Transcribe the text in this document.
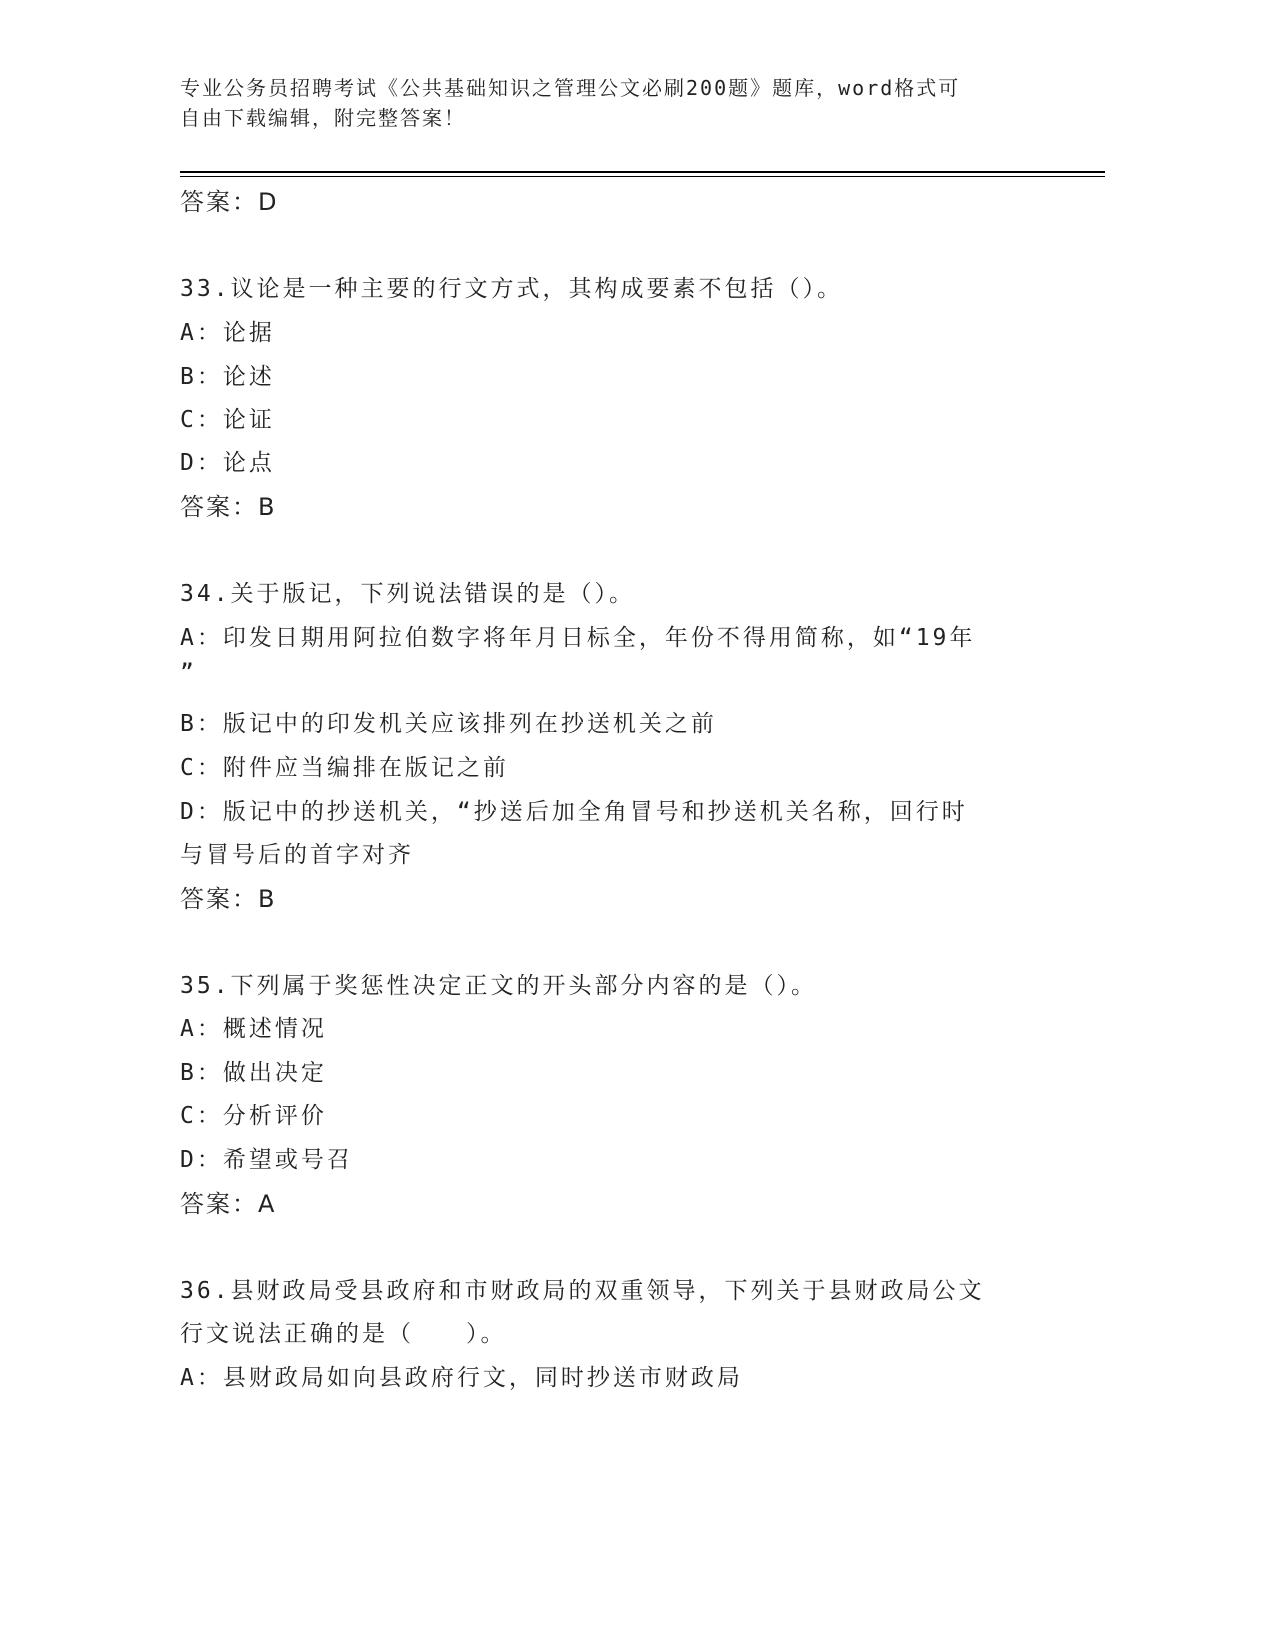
专业公务员招聘考试《公共基础知识之管理公文必刷200题》题库，word格式可
自由下载编辑，附完整答案！
答案：D
33.议论是一种主要的行文方式，其构成要素不包括（）。
A：论据
B：论述
C：论证
D：论点
答案：B
34.关于版记，下列说法错误的是（）。
A：印发日期用阿拉伯数字将年月日标全，年份不得用简称，如“19年
”
B：版记中的印发机关应该排列在抄送机关之前
C：附件应当编排在版记之前
D：版记中的抄送机关，“抄送后加全角冒号和抄送机关名称，回行时
与冒号后的首字对齐
答案：B
35.下列属于奖惩性决定正文的开头部分内容的是（）。
A：概述情况
B：做出决定
C：分析评价
D：希望或号召
答案：A
36.县财政局受县政府和市财政局的双重领导，下列关于县财政局公文
行文说法正确的是（　　）。
A：县财政局如向县政府行文，同时抄送市财政局
